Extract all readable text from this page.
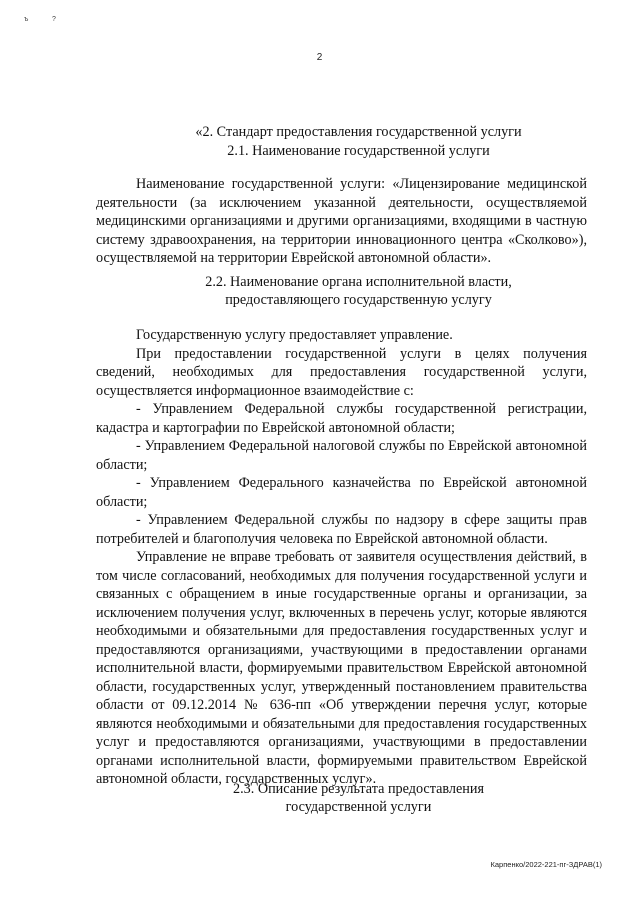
ъ	?
2
«2. Стандарт предоставления государственной услуги
2.1. Наименование государственной услуги

Наименование государственной услуги: «Лицензирование медицинской деятельности (за исключением указанной деятельности, осуществляемой медицинскими организациями и другими организациями, входящими в частную систему здравоохранения, на территории инновационного центра «Сколково»), осуществляемой на территории Еврейской автономной области».

2.2. Наименование органа исполнительной власти,
предоставляющего государственную услугу

Государственную услугу предоставляет управление.

При предоставлении государственной услуги в целях получения сведений, необходимых для предоставления государственной услуги, осуществляется информационное взаимодействие с:

- Управлением Федеральной службы государственной регистрации, кадастра и картографии по Еврейской автономной области;

- Управлением Федеральной налоговой службы по Еврейской автономной области;

- Управлением Федерального казначейства по Еврейской автономной области;

- Управлением Федеральной службы по надзору в сфере защиты прав потребителей и благополучия человека по Еврейской автономной области.

Управление не вправе требовать от заявителя осуществления действий, в том числе согласований, необходимых для получения государственной услуги и связанных с обращением в иные государственные органы и организации, за исключением получения услуг, включенных в перечень услуг, которые являются необходимыми и обязательными для предоставления государственных услуг и предоставляются организациями, участвующими в предоставлении органами исполнительной власти, формируемыми правительством Еврейской автономной области, государственных услуг, утвержденный постановлением правительства области от 09.12.2014 № 636-пп «Об утверждении перечня услуг, которые являются необходимыми и обязательными для предоставления государственных услуг и предоставляются организациями, участвующими в предоставлении органами исполнительной власти, формируемыми правительством Еврейской автономной области, государственных услуг».

2.3. Описание результата предоставления
государственной услуги
Карпенко/2022-221-пг-ЗДРАВ(1)
